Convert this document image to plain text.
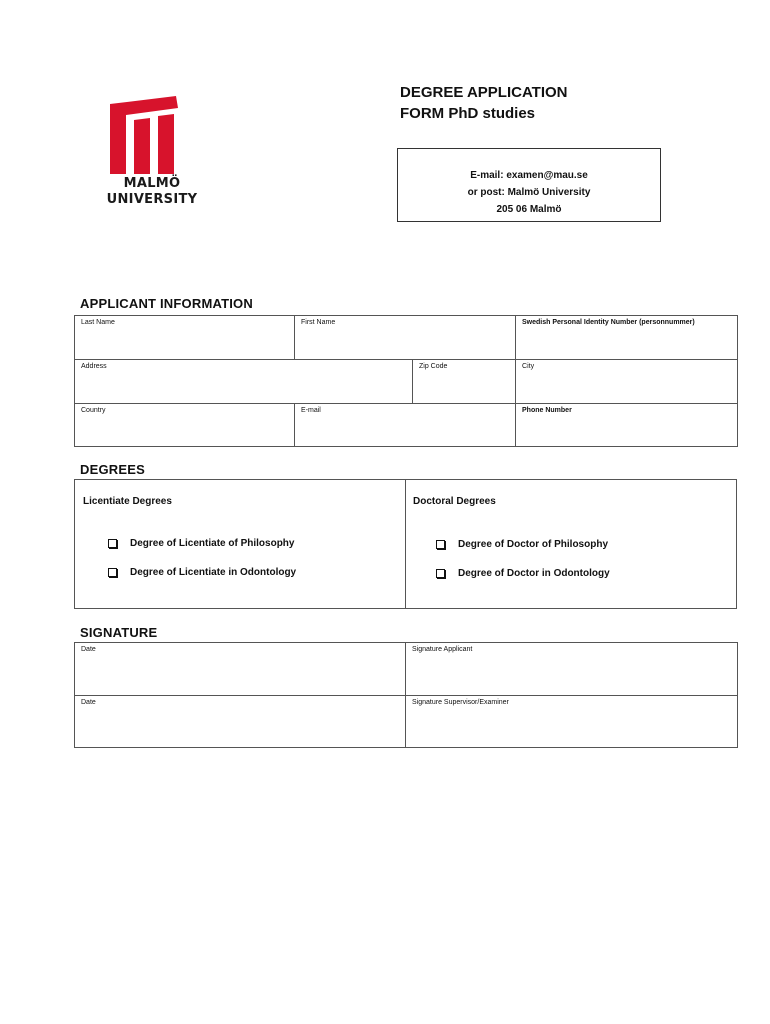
MALMÖ
UNIVERSITY
DEGREE APPLICATION
FORM PhD studies
E-mail: examen@mau.se
or post: Malmö University
205 06 Malmö
APPLICANT INFORMATION
Last Name	First Name		Swedish Personal Identity Number (personnummer)

Address		Zip Code	City

Country	E-mail		Phone Number
DEGREES
Licentiate Degrees
Degree of Licentiate of Philosophy
Degree of Licentiate in Odontology
Doctoral Degrees
Degree of Doctor of Philosophy
Degree of Doctor in Odontology
SIGNATURE
Date	Signature Applicant

Date	Signature Supervisor/Examiner
